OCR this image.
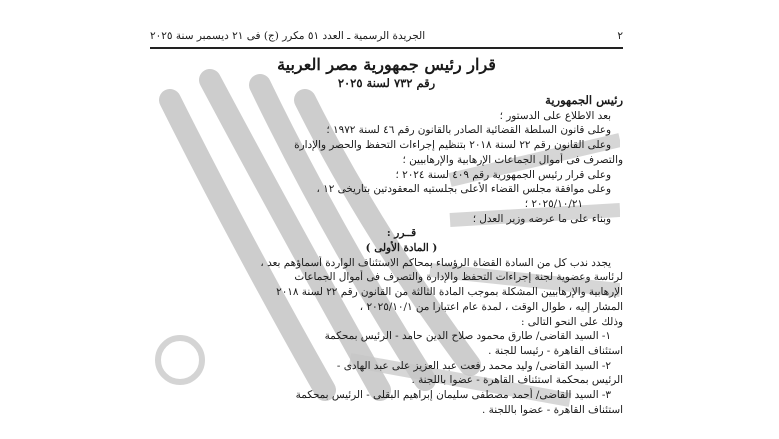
٢
الجريدة الرسمية ـ العدد ٥١ مكرر (ج) فى ٢١ ديسمبر سنة ٢٠٢٥
قرار رئيس جمهورية مصر العربية
رقم ٧٣٢ لسنة ٢٠٢٥

رئيس الجمهورية

بعد الاطلاع على الدستور ؛

وعلى قانون السلطة القضائية الصادر بالقانون رقم ٤٦ لسنة ١٩٧٢ ؛

وعلى القانون رقم ٢٢ لسنة ٢٠١٨ بتنظيم إجراءات التحفظ والحصر والإدارة

والتصرف فى أموال الجماعات الإرهابية والإرهابيين ؛

وعلى قرار رئيس الجمهورية رقم ٤٠٩ لسنة ٢٠٢٤ ؛

وعلى موافقة مجلس القضاء الأعلى بجلستيه المعقودتين بتاريخى ١٢ ،

٢٠٢٥/١٠/٢١ ؛

وبناء على ما عرضه وزير العدل ؛

قــرر :

( المادة الأولى )

يجدد ندب كل من السادة القضاة الرؤساء بمحاكم الاستئناف الواردة أسماؤهم بعد ،

لرئاسة وعضوية لجنة إجراءات التحفظ والإدارة والتصرف فى أموال الجماعات

الإرهابية والإرهابيين المشكلة بموجب المادة الثالثة من القانون رقم ٢٢ لسنة ٢٠١٨

المشار إليه ، طوال الوقت ، لمدة عام اعتبارا من ٢٠٢٥/١٠/١ ،

وذلك على النحو التالى :

١- السيد القاضى/ طارق محمود صلاح الدين حامد - الرئيس بمحكمة

استئناف القاهرة - رئيسا للجنة .

٢- السيد القاضى/ وليد محمد رفعت عبد العزيز على عبد الهادى -

الرئيس بمحكمة استئناف القاهرة - عضوا باللجنة .

٣- السيد القاضى/ أحمد مصطفى سليمان إبراهيم البقلى - الرئيس بمحكمة

استئناف القاهرة - عضوا باللجنة .
